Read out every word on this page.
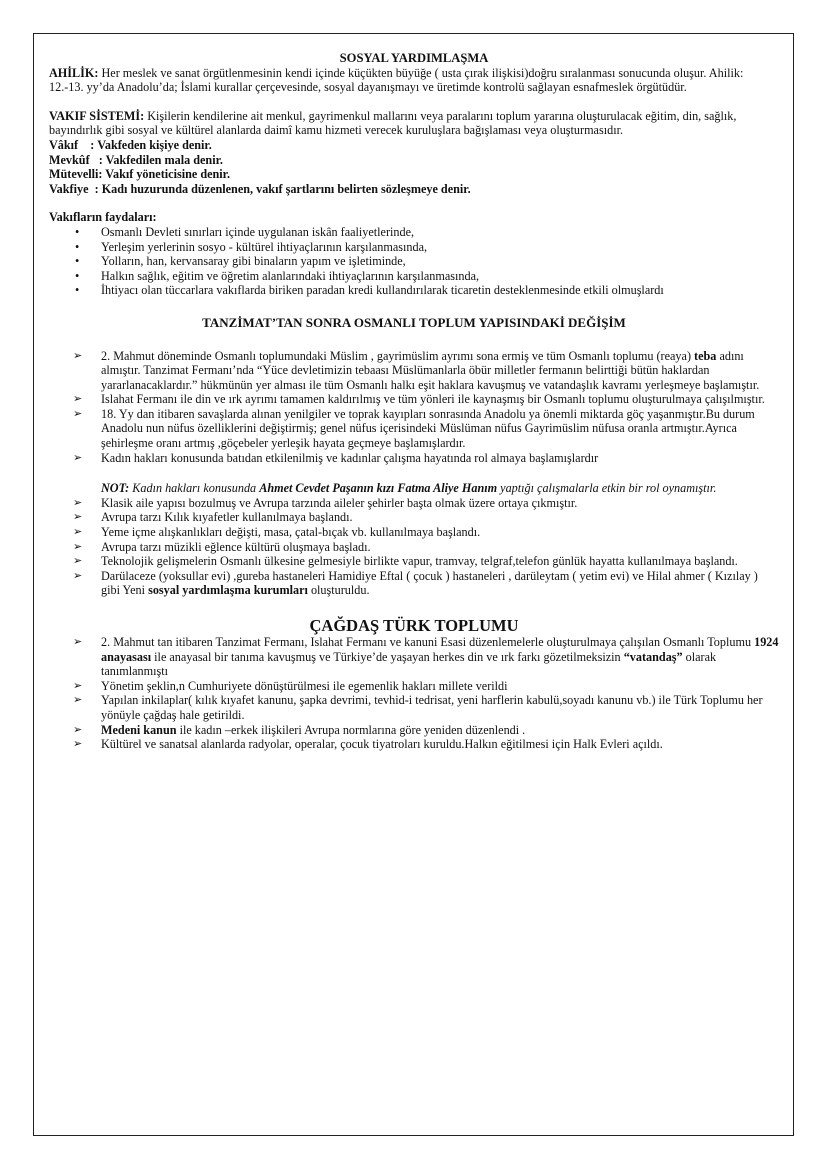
SOSYAL YARDIMLAŞMA

AHİLİK: Her meslek ve sanat örgütlenmesinin kendi içinde küçükten büyüğe ( usta çırak ilişkisi)doğru sıralanması sonucunda oluşur. Ahilik: 12.-13. yy’da Anadolu’da; İslami kurallar çerçevesinde, sosyal dayanışmayı ve üretimde kontrolü sağlayan esnafmeslek örgütüdür.

VAKIF SİSTEMİ: Kişilerin kendilerine ait menkul, gayrimenkul mallarını veya paralarını toplum yararına oluşturulacak eğitim, din, sağlık, bayındırlık gibi sosyal ve kültürel alanlarda daimî kamu hizmeti verecek kuruluşlara bağışlaması veya oluşturmasıdır.

Vâkıf    : Vakfeden kişiye denir.

Mevkûf   : Vakfedilen mala denir.

Mütevelli: Vakıf yöneticisine denir.

Vakfiye  : Kadı huzurunda düzenlenen, vakıf şartlarını belirten sözleşmeye denir.

Vakıfların faydaları:

• Osmanlı Devleti sınırları içinde uygulanan iskân faaliyetlerinde,
• Yerleşim yerlerinin sosyo - kültürel ihtiyaçlarının karşılanmasında,
• Yolların, han, kervansaray gibi binaların yapım ve işletiminde,
• Halkın sağlık, eğitim ve öğretim alanlarındaki ihtiyaçlarının karşılanmasında,
• İhtiyacı olan tüccarlara vakıflarda biriken paradan kredi kullandırılarak ticaretin desteklenmesinde etkili olmuşlardı

TANZİMAT’TAN SONRA OSMANLI TOPLUM YAPISINDAKİ DEĞİŞİM

➢ 2. Mahmut döneminde Osmanlı toplumundaki Müslim , gayrimüslim ayrımı sona ermiş ve tüm Osmanlı toplumu (reaya) teba adını almıştır. Tanzimat Fermanı’nda “Yüce devletimizin tebaası Müslümanlarla öbür milletler fermanın belirttiği bütün haklardan yararlanacaklardır.” hükmünün yer alması ile tüm Osmanlı halkı eşit haklara kavuşmuş ve vatandaşlık kavramı yerleşmeye başlamıştır.
➢ Islahat Fermanı ile din ve ırk ayrımı tamamen kaldırılmış ve tüm yönleri ile kaynaşmış bir Osmanlı toplumu oluşturulmaya çalışılmıştır.
➢ 18. Yy dan itibaren savaşlarda alınan yenilgiler ve toprak kayıpları sonrasında Anadolu ya önemli miktarda göç yaşanmıştır.Bu durum Anadolu nun nüfus özelliklerini değiştirmiş; genel nüfus içerisindeki Müslüman nüfus Gayrimüslim nüfusa oranla artmıştır.Ayrıca şehirleşme oranı artmış ,göçebeler yerleşik hayata geçmeye başlamışlardır.
➢ Kadın hakları konusunda batıdan etkilenilmiş ve kadınlar çalışma hayatında rol almaya başlamışlardır

NOT: Kadın hakları konusunda Ahmet Cevdet Paşanın kızı Fatma Aliye Hanım yaptığı çalışmalarla etkin bir rol oynamıştır.

➢ Klasik aile yapısı bozulmuş ve Avrupa tarzında aileler şehirler başta olmak üzere ortaya çıkmıştır.
➢ Avrupa tarzı Kılık kıyafetler kullanılmaya başlandı.
➢ Yeme içme alışkanlıkları değişti, masa, çatal-bıçak vb. kullanılmaya başlandı.
➢ Avrupa tarzı müzikli eğlence kültürü oluşmaya başladı.
➢ Teknolojik gelişmelerin Osmanlı ülkesine gelmesiyle birlikte vapur, tramvay, telgraf,telefon günlük hayatta kullanılmaya başlandı.
➢ Darülaceze (yoksullar evi) ,gureba hastaneleri Hamidiye Eftal ( çocuk ) hastaneleri , darüleytam ( yetim evi) ve Hilal ahmer ( Kızılay ) gibi Yeni sosyal yardımlaşma kurumları oluşturuldu.

ÇAĞDAŞ TÜRK TOPLUMU

➢ 2. Mahmut tan itibaren Tanzimat Fermanı, Islahat Fermanı ve kanuni Esasi düzenlemelerle oluşturulmaya çalışılan Osmanlı Toplumu 1924 anayasası ile anayasal bir tanıma kavuşmuş ve Türkiye’de yaşayan herkes din ve ırk farkı gözetilmeksizin “vatandaş” olarak tanımlanmıştı
➢ Yönetim şeklin,n Cumhuriyete dönüştürülmesi ile egemenlik hakları millete verildi
➢ Yapılan inkilaplar( kılık kıyafet kanunu, şapka devrimi, tevhid-i tedrisat, yeni harflerin kabulü,soyadı kanunu vb.) ile Türk Toplumu her yönüyle çağdaş hale getirildi.
➢ Medeni kanun ile kadın –erkek ilişkileri Avrupa normlarına göre yeniden düzenlendi .
➢ Kültürel ve sanatsal alanlarda radyolar, operalar, çocuk tiyatroları kuruldu.Halkın eğitilmesi için Halk Evleri açıldı.
